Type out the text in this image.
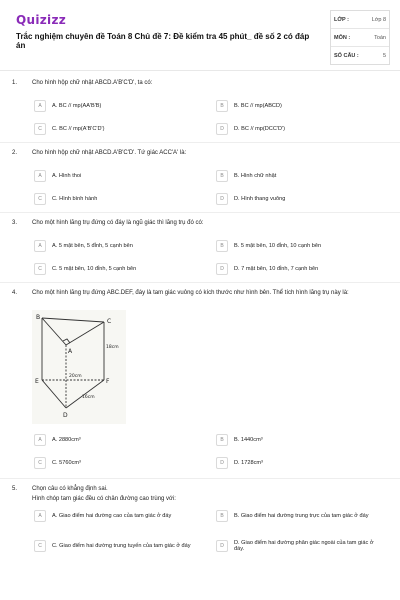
Quizizz
Trắc nghiệm chuyên đề Toán 8 Chủ đề 7: Đề kiểm tra 45 phút_ đề số 2 có đáp án
LỚP :	Lớp 8
MÔN :	Toán
SỐ CÂU :	5
1.	Cho hình hộp chữ nhật ABCD.A'B'C'D', ta có:
A	A. BC // mp(AA'B'B)	B	B. BC // mp(ABCD)
C	C. BC // mp(A'B'C'D')	D	D. BC // mp(DCC'D')
2.	Cho hình hộp chữ nhật ABCD.A'B'C'D'. Tứ giác ACC'A' là:
A	A. Hình thoi	B	B. Hình chữ nhật
C	C. Hình bình hành	D	D. Hình thang vuông
3.	Cho một hình lăng trụ đứng có đáy là ngũ giác thì lăng trụ đó có:
A	A. 5 mặt bên, 5 đỉnh, 5 cạnh bên	B	B. 5 mặt bên, 10 đỉnh, 10 cạnh bên
C	C. 5 mặt bên, 10 đỉnh, 5 cạnh bên	D	D. 7 mặt bên, 10 đỉnh, 7 cạnh bên
4.	Cho một hình lăng trụ đứng ABC.DEF, đáy là tam giác vuông có kích thước như hình bên. Thể tích hình lăng trụ này là:
B
C
A
18cm
20cm
E	F
16cm
D
A	A. 2880cm³	B	B. 1440cm³
C	C. 5760cm³	D	D. 1728cm³
5.	Chọn câu có khẳng định sai.
Hình chóp tam giác đều có chân đường cao trùng với:
A	A. Giao điểm hai đường cao của tam giác ở đáy	B	B. Giao điểm hai đường trung trực của tam giác ở đáy
C	C. Giao điểm hai đường trung tuyến của tam giác ở đáy	D	D. Giao điểm hai đường phân giác ngoài của tam giác ở đáy.
